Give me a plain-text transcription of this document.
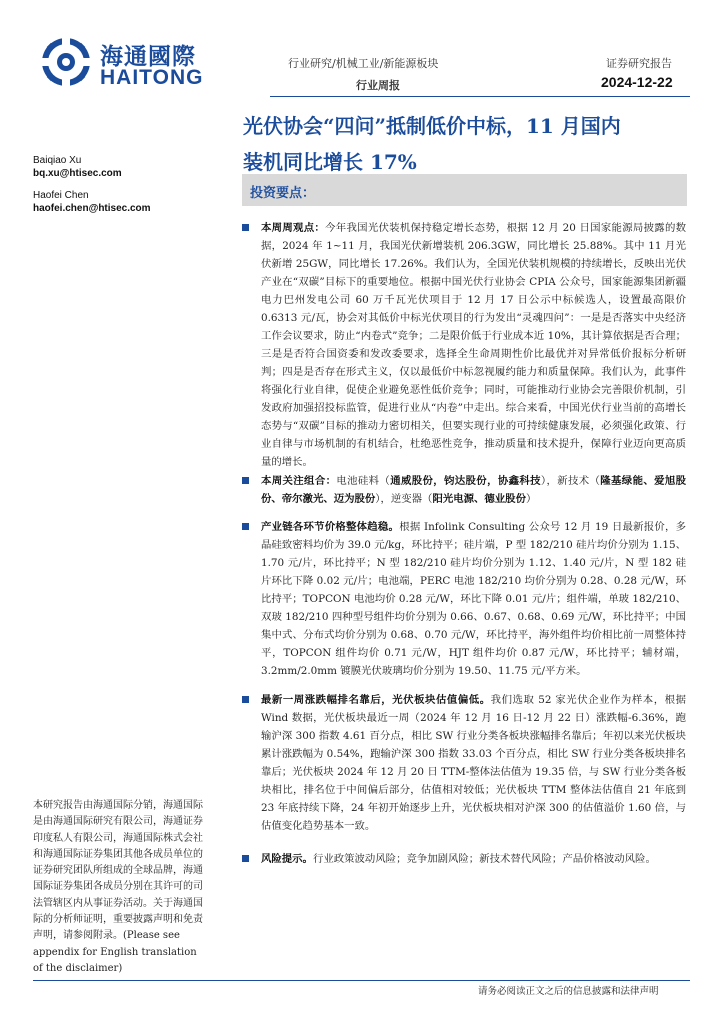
海通國際
HAITONG
行业研究/机械工业/新能源板块
行业周报
证券研究报告
2024-12-22
光伏协会“四问”抵制低价中标，11 月国内
装机同比增长 17%
Baiqiao Xu
bq.xu@htisec.com
Haofei Chen
haofei.chen@htisec.com
投资要点：
本周周观点：今年我国光伏装机保持稳定增长态势，根据 12 月 20 日国家能源局披露的数据，2024 年 1~11 月，我国光伏新增装机 206.3GW，同比增长 25.88%。其中 11 月光伏新增 25GW，同比增长 17.26%。我们认为，全国光伏装机规模的持续增长，反映出光伏产业在“双碳”目标下的重要地位。根据中国光伏行业协会 CPIA 公众号，国家能源集团新疆电力巴州发电公司 60 万千瓦光伏项目于 12 月 17 日公示中标候选人，设置最高限价 0.6313 元/瓦，协会对其低价中标光伏项目的行为发出“灵魂四问”：一是是否落实中央经济工作会议要求，防止“内卷式”竞争；二是限价低于行业成本近 10%，其计算依据是否合理；三是是否符合国资委和发改委要求，选择全生命周期性价比最优并对异常低价报标分析研判；四是是否存在形式主义，仅以最低价中标忽视履约能力和质量保障。我们认为，此事件将强化行业自律，促使企业避免恶性低价竞争；同时，可能推动行业协会完善限价机制，引发政府加强招投标监管，促进行业从“内卷”中走出。综合来看，中国光伏行业当前的高增长态势与“双碳”目标的推动力密切相关，但要实现行业的可持续健康发展，必须强化政策、行业自律与市场机制的有机结合，杜绝恶性竞争，推动质量和技术提升，保障行业迈向更高质量的增长。
本周关注组合：电池硅料（通威股份，钧达股份，协鑫科技），新技术（隆基绿能、爱旭股份、帝尔激光、迈为股份），逆变器（阳光电源、德业股份）
产业链各环节价格整体趋稳。根据 Infolink Consulting 公众号 12 月 19 日最新报价，多晶硅致密料均价为 39.0 元/kg，环比持平；硅片端，P 型 182/210 硅片均价分别为 1.15、1.70 元/片，环比持平；N 型 182/210 硅片均价分别为 1.12、1.40 元/片，N 型 182 硅片环比下降 0.02 元/片；电池端，PERC 电池 182/210 均价分别为 0.28、0.28 元/W，环比持平；TOPCON 电池均价 0.28 元/W，环比下降 0.01 元/片；组件端，单玻 182/210、双玻 182/210 四种型号组件均价分别为 0.66、0.67、0.68、0.69 元/W，环比持平；中国集中式、分布式均价分别为 0.68、0.70 元/W，环比持平，海外组件均价相比前一周整体持平，TOPCON 组件均价 0.71 元/W，HJT 组件均价 0.87 元/W，环比持平；辅材端，3.2mm/2.0mm 镀膜光伏玻璃均价分别为 19.50、11.75 元/平方米。
最新一周涨跌幅排名靠后，光伏板块估值偏低。我们选取 52 家光伏企业作为样本，根据 Wind 数据，光伏板块最近一周（2024 年 12 月 16 日-12 月 22 日）涨跌幅-6.36%，跑输沪深 300 指数 4.61 百分点，相比 SW 行业分类各板块涨幅排名靠后；年初以来光伏板块累计涨跌幅为 0.54%，跑输沪深 300 指数 33.03 个百分点，相比 SW 行业分类各板块排名靠后；光伏板块 2024 年 12 月 20 日 TTM-整体法估值为 19.35 倍，与 SW 行业分类各板块相比，排名位于中间偏后部分，估值相对较低；光伏板块 TTM 整体法估值自 21 年底到 23 年底持续下降，24 年初开始逐步上升，光伏板块相对沪深 300 的估值溢价 1.60 倍，与估值变化趋势基本一致。
风险提示。行业政策波动风险；竞争加剧风险；新技术替代风险；产品价格波动风险。
本研究报告由海通国际分销，海通国际是由海通国际研究有限公司，海通证券印度私人有限公司，海通国际株式会社和海通国际证券集团其他各成员单位的证券研究团队所组成的全球品牌，海通国际证券集团各成员分别在其许可的司法管辖区内从事证券活动。关于海通国际的分析师证明，重要披露声明和免责声明，请参阅附录。(Please see appendix for English translation of the disclaimer)
请务必阅读正文之后的信息披露和法律声明
